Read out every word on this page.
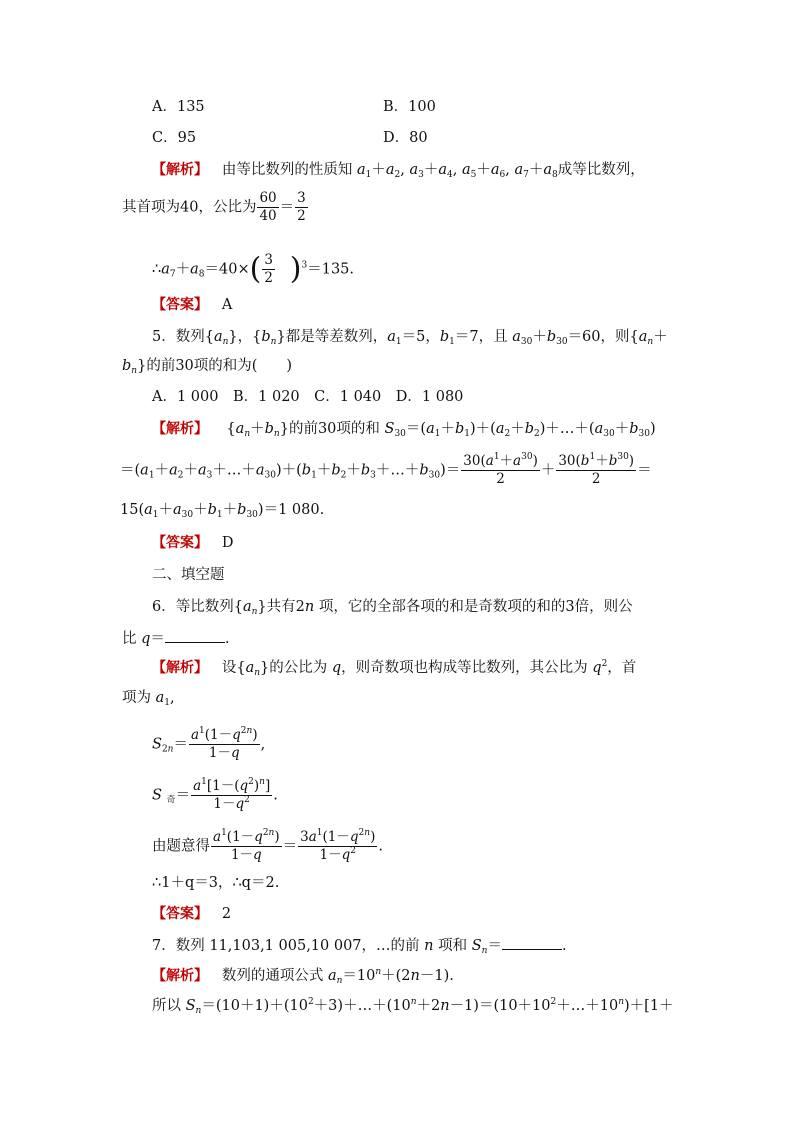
A．135	B．100
C．95	D．80
【解析】 由等比数列的性质知 $a_1+a_2$, $a_3+a_4$, $a_5+a_6$, $a_7+a_8$成等比数列，
其首项为40，公比为 $\frac{60}{40} = \frac{3}{2}$
$\therefore a_7+a_8=40\times( \frac{3}{2} )^3=135$.
【答案】 A
5．数列$\{a_n\}$，$\{b_n\}$都是等差数列，$a_1=5$，$b_1=7$，且 $a_{30}+b_{30}=60$，则{$a_n+$
$b_n$}的前30项的和为(　　)
A．1 000　B．1 020　C．1 040　D．1 080
【解析】    $\{a_n+b_n\}$的前30项的和 $S_{30}=(a_1+b_1)+(a_2+b_2)+\dots+(a_{30}+b_{30})$
$=(a_1+a_2+a_3+\dots+a_{30})+(b_1+b_2+b_3+\dots+b_{30})= \frac{30(a^1+a^{30})}{2} + \frac{30(b^1+b^{30})}{2}$ ＝
$15(a_1+a_{30}+b_1+b_{30})=1$ 080.
【答案】 D
二、填空题
6．等比数列$\{a_n\}$共有2n 项，它的全部各项的和是奇数项的和的3倍，则公
比 q＝	.
【解析】 设$\{a_n\}$的公比为 q，则奇数项也构成等比数列，其公比为 $q^2$，首
项为 $a_1$,
$S_{2n}= \frac{a^1(1-q^{2n})}{1-q}$ ,
S $_奇= \frac{a^1[1-(q^2)^n]}{1-q^2}$ .
由题意得 $\frac{a^1(1-q^{2n})}{1-q} = \frac{3a^1(1-q^{2n})}{1-q^2}$ .
∴1＋q＝3，∴q＝2.
【答案】 2
7．数列 11,103,1 005,10 007，…的前 n 项和 $S_n=$	.
【解析】 数列的通项公式 $a_n=10^n+(2n-1)$.
所以 $S_n=(10+1)+(10^2+3)+\dots+(10^n+2n-1)=(10+10^2+\dots+10^n)+[1+$
